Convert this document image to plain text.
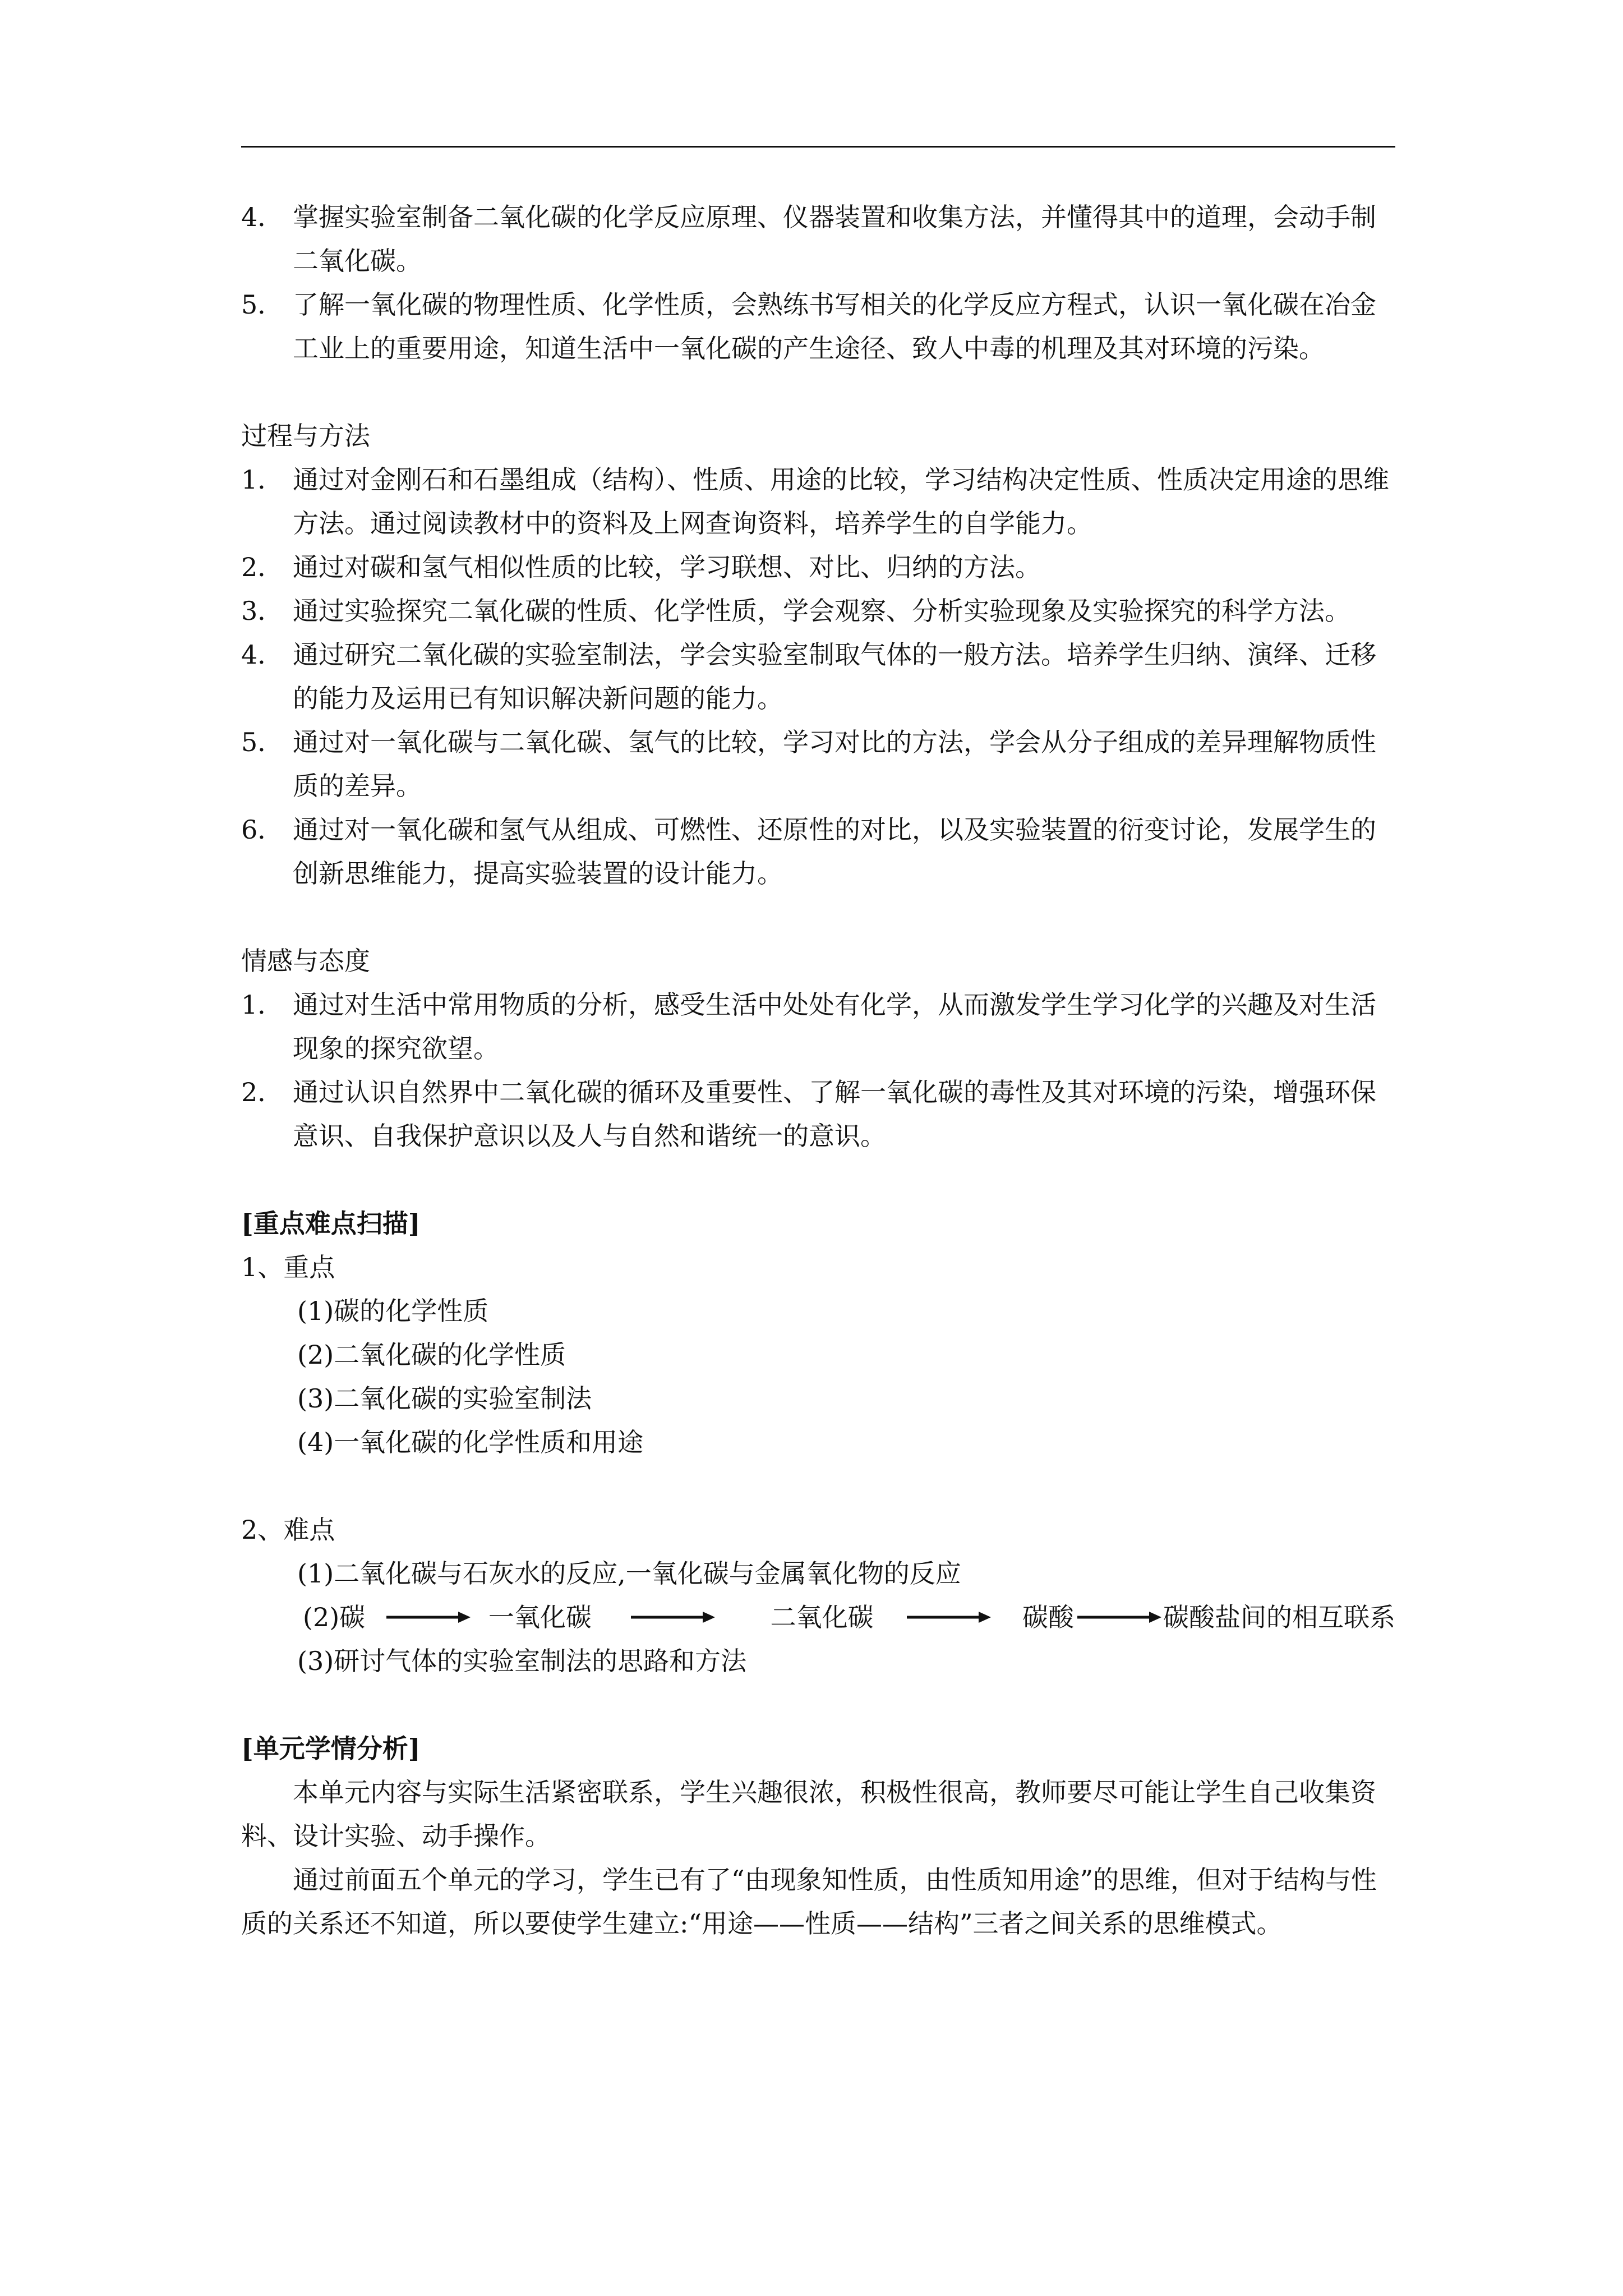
4． 掌握实验室制备二氧化碳的化学反应原理、仪器装置和收集方法，并懂得其中的道理，会动手制二氧化碳。
5． 了解一氧化碳的物理性质、化学性质，会熟练书写相关的化学反应方程式，认识一氧化碳在冶金工业上的重要用途，知道生活中一氧化碳的产生途径、致人中毒的机理及其对环境的污染。
过程与方法
1． 通过对金刚石和石墨组成（结构）、性质、用途的比较，学习结构决定性质、性质决定用途的思维方法。通过阅读教材中的资料及上网查询资料，培养学生的自学能力。
2． 通过对碳和氢气相似性质的比较，学习联想、对比、归纳的方法。
3． 通过实验探究二氧化碳的性质、化学性质，学会观察、分析实验现象及实验探究的科学方法。
4． 通过研究二氧化碳的实验室制法，学会实验室制取气体的一般方法。培养学生归纳、演绎、迁移的能力及运用已有知识解决新问题的能力。
5． 通过对一氧化碳与二氧化碳、氢气的比较，学习对比的方法，学会从分子组成的差异理解物质性质的差异。
6． 通过对一氧化碳和氢气从组成、可燃性、还原性的对比，以及实验装置的衍变讨论，发展学生的创新思维能力，提高实验装置的设计能力。
情感与态度
1． 通过对生活中常用物质的分析，感受生活中处处有化学，从而激发学生学习化学的兴趣及对生活现象的探究欲望。
2． 通过认识自然界中二氧化碳的循环及重要性、了解一氧化碳的毒性及其对环境的污染，增强环保意识、自我保护意识以及人与自然和谐统一的意识。
[重点难点扫描]
1、重点
(1)碳的化学性质
(2)二氧化碳的化学性质
(3)二氧化碳的实验室制法
(4)一氧化碳的化学性质和用途
2、难点
(1)二氧化碳与石灰水的反应,一氧化碳与金属氧化物的反应
(2)碳	一氧化碳	二氧化碳	碳酸	碳酸盐间的相互联系
(3)研讨气体的实验室制法的思路和方法
[单元学情分析]
本单元内容与实际生活紧密联系，学生兴趣很浓，积极性很高，教师要尽可能让学生自己收集资料、设计实验、动手操作。
通过前面五个单元的学习，学生已有了“由现象知性质，由性质知用途”的思维，但对于结构与性质的关系还不知道，所以要使学生建立:“用途——性质——结构”三者之间关系的思维模式。
